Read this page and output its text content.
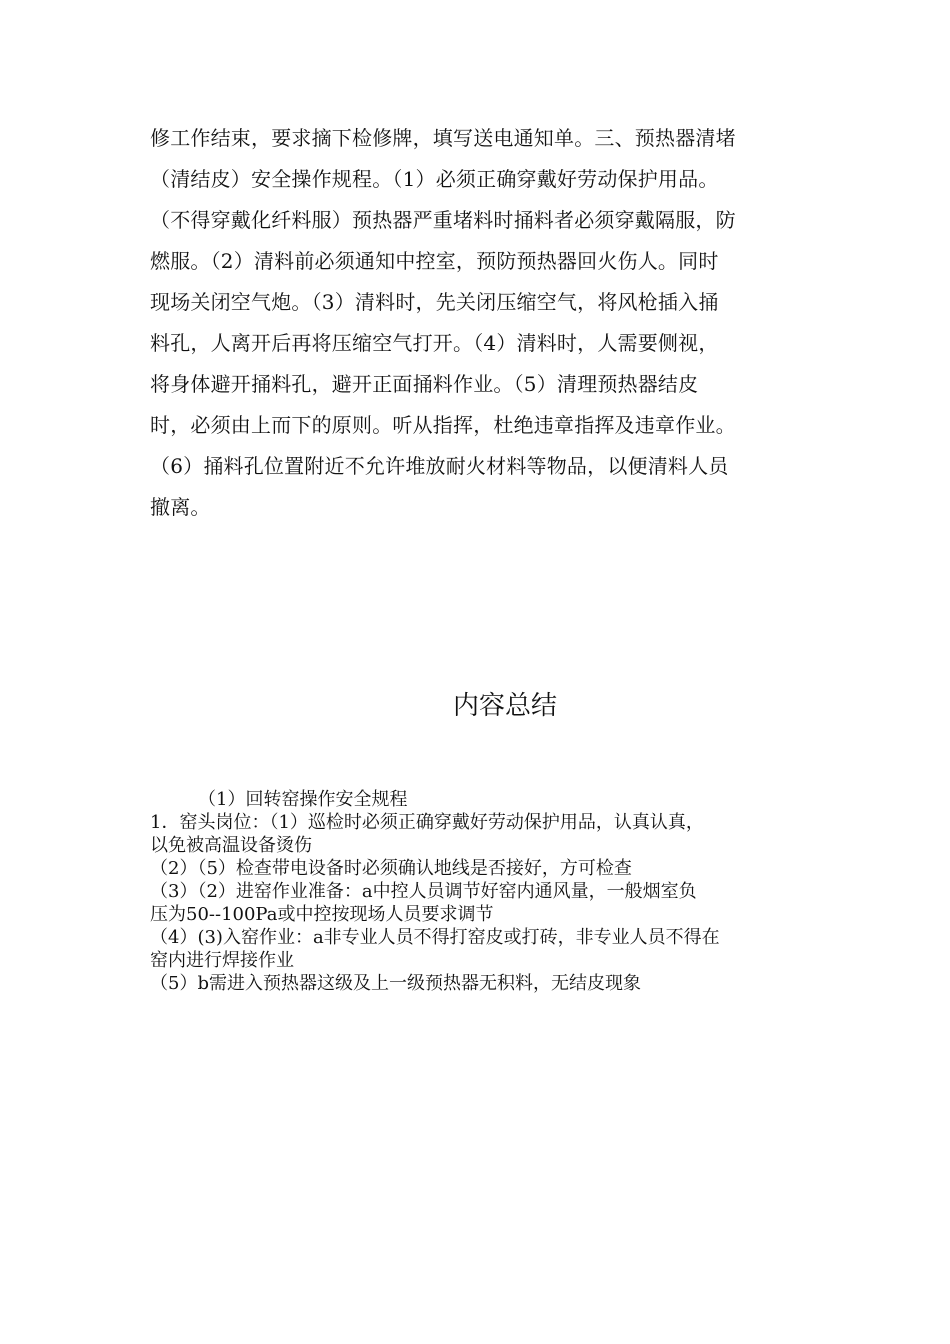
修工作结束，要求摘下检修牌，填写送电通知单。三、预热器清堵
（清结皮）安全操作规程。（1）必须正确穿戴好劳动保护用品。
（不得穿戴化纤料服）预热器严重堵料时捅料者必须穿戴隔服，防
燃服。（2）清料前必须通知中控室，预防预热器回火伤人。同时
现场关闭空气炮。（3）清料时，先关闭压缩空气，将风枪插入捅
料孔，人离开后再将压缩空气打开。（4）清料时，人需要侧视，
将身体避开捅料孔，避开正面捅料作业。（5）清理预热器结皮
时，必须由上而下的原则。听从指挥，杜绝违章指挥及违章作业。
（6）捅料孔位置附近不允许堆放耐火材料等物品，以便清料人员
撤离。
内容总结
（1）回转窑操作安全规程
1．窑头岗位：（1）巡检时必须正确穿戴好劳动保护用品，认真认真，
以免被高温设备烫伤
（2）（5）检查带电设备时必须确认地线是否接好，方可检查
（3）（2）进窑作业准备：a中控人员调节好窑内通风量，一般烟室负
压为50--100Pa或中控按现场人员要求调节
（4）(3)入窑作业：a非专业人员不得打窑皮或打砖，非专业人员不得在
窑内进行焊接作业
（5）b需进入预热器这级及上一级预热器无积料，无结皮现象
